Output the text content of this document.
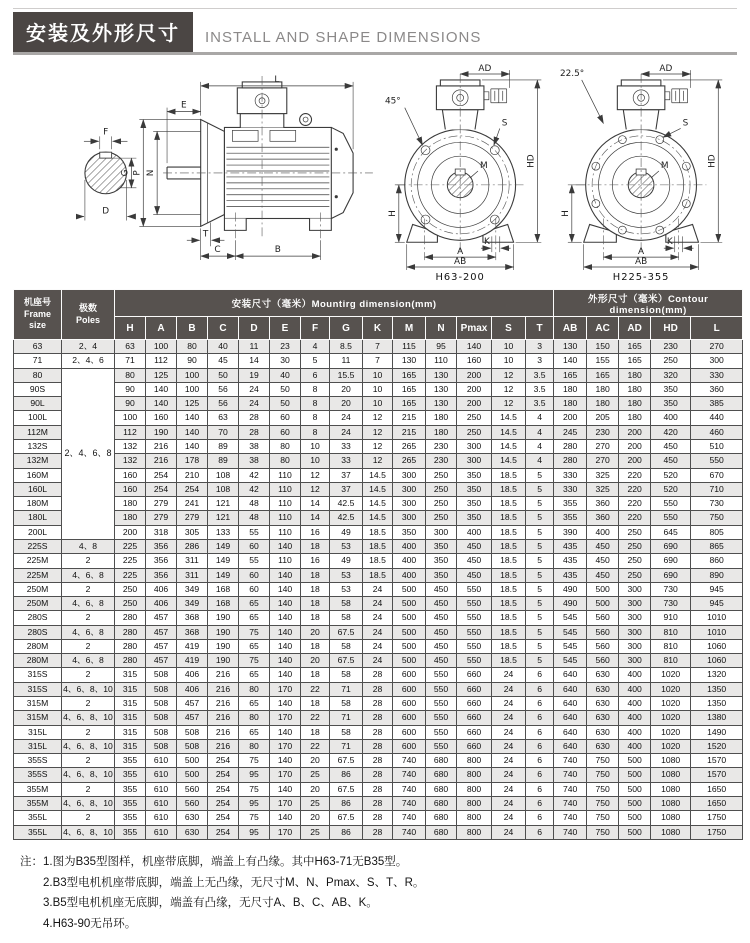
安装及外形尺寸	INSTALL AND SHAPE DIMENSIONS
F
G
D
L
E
P N
T
C	B
AD
HD
H
45°
S
M
K
A
AB
H63-200
22.5°	AD
HD
H
S
M
K
A
AB
H225-355
机座号
Frame
size

极数
Poles
	安装尺寸（毫米）Mountirg dimension(mm)	外形尺寸（毫米）Contour dimension(mm)
		H	A	B	C	D	E	F	G	K	M	N	Pmax	S	T	AB	AC	AD	HD	L
63	2、4	63	100	80	40	11	23	4	8.5	7	115	95	140	10	3	130	150	165	230	270
71	2、4、6	71	112	90	45	14	30	5	11	7	130	110	160	10	3	140	155	165	250	300
80	2、4、6、8	80	125	100	50	19	40	6	15.5	10	165	130	200	12	3.5	165	165	180	320	330
90S		90	140	100	56	24	50	8	20	10	165	130	200	12	3.5	180	180	180	350	360
90L		90	140	125	56	24	50	8	20	10	165	130	200	12	3.5	180	180	180	350	385
100L		100	160	140	63	28	60	8	24	12	215	180	250	14.5	4	200	205	180	400	440
112M		112	190	140	70	28	60	8	24	12	215	180	250	14.5	4	245	230	200	420	460
132S		132	216	140	89	38	80	10	33	12	265	230	300	14.5	4	280	270	200	450	510
132M		132	216	178	89	38	80	10	33	12	265	230	300	14.5	4	280	270	200	450	550
160M		160	254	210	108	42	110	12	37	14.5	300	250	350	18.5	5	330	325	220	520	670
160L		160	254	254	108	42	110	12	37	14.5	300	250	350	18.5	5	330	325	220	520	710
180M		180	279	241	121	48	110	14	42.5	14.5	300	250	350	18.5	5	355	360	220	550	730
180L		180	279	279	121	48	110	14	42.5	14.5	300	250	350	18.5	5	355	360	220	550	750
200L		200	318	305	133	55	110	16	49	18.5	350	300	400	18.5	5	390	400	250	645	805
225S	4、8	225	356	286	149	60	140	18	53	18.5	400	350	450	18.5	5	435	450	250	690	865
225M	2	225	356	311	149	55	110	16	49	18.5	400	350	450	18.5	5	435	450	250	690	860
225M	4、6、8	225	356	311	149	60	140	18	53	18.5	400	350	450	18.5	5	435	450	250	690	890
250M	2	250	406	349	168	60	140	18	53	24	500	450	550	18.5	5	490	500	300	730	945
250M	4、6、8	250	406	349	168	65	140	18	58	24	500	450	550	18.5	5	490	500	300	730	945
280S	2	280	457	368	190	65	140	18	58	24	500	450	550	18.5	5	545	560	300	910	1010
280S	4、6、8	280	457	368	190	75	140	20	67.5	24	500	450	550	18.5	5	545	560	300	810	1010
280M	2	280	457	419	190	65	140	18	58	24	500	450	550	18.5	5	545	560	300	810	1060
280M	4、6、8	280	457	419	190	75	140	20	67.5	24	500	450	550	18.5	5	545	560	300	810	1060
315S	2	315	508	406	216	65	140	18	58	28	600	550	660	24	6	640	630	400	1020	1320
315S	4、6、8、10	315	508	406	216	80	170	22	71	28	600	550	660	24	6	640	630	400	1020	1350
315M	2	315	508	457	216	65	140	18	58	28	600	550	660	24	6	640	630	400	1020	1350
315M	4、6、8、10	315	508	457	216	80	170	22	71	28	600	550	660	24	6	640	630	400	1020	1380
315L	2	315	508	508	216	65	140	18	58	28	600	550	660	24	6	640	630	400	1020	1490
315L	4、6、8、10	315	508	508	216	80	170	22	71	28	600	550	660	24	6	640	630	400	1020	1520
355S	2	355	610	500	254	75	140	20	67.5	28	740	680	800	24	6	740	750	500	1080	1570
355S	4、6、8、10	355	610	500	254	95	170	25	86	28	740	680	800	24	6	740	750	500	1080	1570
355M	2	355	610	560	254	75	140	20	67.5	28	740	680	800	24	6	740	750	500	1080	1650
355M	4、6、8、10	355	610	560	254	95	170	25	86	28	740	680	800	24	6	740	750	500	1080	1650
355L	2	355	610	630	254	75	140	20	67.5	28	740	680	800	24	6	740	750	500	1080	1750
355L	4、6、8、10	355	610	630	254	95	170	25	86	28	740	680	800	24	6	740	750	500	1080	1750
注： 1.图为B35型图样，机座带底脚，端盖上有凸缘。其中H63-71无B35型。
2.B3型电机机座带底脚，端盖上无凸缘，无尺寸M、N、Pmax、S、T、R。
3.B5型电机机座无底脚，端盖有凸缘，无尺寸A、B、C、AB、K。
4.H63-90无吊环。
